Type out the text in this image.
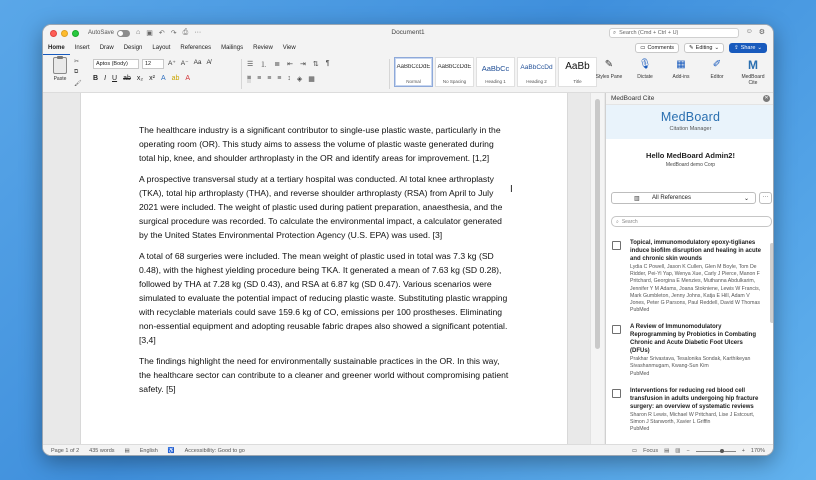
AutoSave	⌂ ▣ ↶ ↷ ⎙ ···	Document1	⌕ Search (Cmd + Ctrl + U)	☺ ⚙
Home	Insert	Draw	Design	Layout	References	Mailings	Review	View	▭ Comments	✎ Editing ⌄	⇪ Share ⌄
Paste
✂
⧉
🖌
Aptos (Body)	12	A⁺ A⁻ Aa A̸
B I U ab x₂ x² A ab A
☰ ⒈ ≣ ⇤ ⇥ ⇅ ¶
≡ ≡ ≡ ≡ ↕ ◈ ▦
AaBbCcDdE
Normal
AaBbCcDdE
No Spacing
AaBbCc
Heading 1
AaBbCcDd
Heading 2
AaBb
Title
✎
Styles Pane
🎙
Dictate
▦
Add-ins
✐
Editor
M
MedBoard Cite

The healthcare industry is a significant contributor to single-use plastic waste, particularly in the operating room (OR). This study aims to assess the volume of plastic waste generated during total hip, knee, and shoulder arthroplasty in the OR and identify areas for improvement. [1,2]

A prospective transversal study at a tertiary hospital was conducted. Al total knee arthroplasty (TKA), total hip arthroplasty (THA), and reverse shoulder arthroplasty (RSA) from April to July 2021 were included. The weight of plastic used during patient preparation, anaesthesia, and the surgical procedure was recorded. To calculate the environmental impact, a calculator generated by the United States Environmental Protection Agency (U.S. EPA) was used. [3]

A total of 68 surgeries were included. The mean weight of plastic used in total was 7.3 kg (SD 0.48), with the highest yielding procedure being TKA. It generated a mean of 7.63 kg (SD 0.28), followed by THA at 7.28 kg (SD 0.43), and RSA at 6.87 kg (SD 0.47). Various scenarios were simulated to evaluate the potential impact of reducing plastic waste. Substituting plastic wrapping with recyclable materials could save 159.6 kg of CO, emissions per 100 prostheses. Eliminating non-essential equipment and adopting reusable fabric drapes also showed a significant potential. [3,4]

The findings highlight the need for environmentally sustainable practices in the OR. In this way, the healthcare sector can contribute to a cleaner and greener world without compromising patient safety. [5]

I
MedBoard Cite	✕
MedBoard
Citation Manager
Hello MedBoard Admin2!
MedBoard demo Corp
▥ All References	⌄	···
⌕ Search
Topical, immunomodulatory epoxy-tiglianes induce biofilm disruption and healing in acute and chronic skin wounds
Lydia C Powell, Jason K Cullen, Glen M Boyle, Tom De Ridder, Pei-Yi Yap, Wenya Xue, Carly J Pierce, Manon F Pritchard, Georgina E Menzies, Muthanna Abdulkarim, Jennifer Y M Adams, Joana Stokniene, Lewis W Francis, Mark Gumbleton, Jenny Johns, Katja E Hill, Adam V Jones, Peter G Parsons, Paul Reddell, David W Thomas
PubMed
A Review of Immunomodulatory Reprogramming by Probiotics in Combating Chronic and Acute Diabetic Foot Ulcers (DFUs)
Prakhar Srivastava, Tesalonika Sondak, Karthikeyan Sivashanmugam, Kwang-Sun Kim
PubMed
Interventions for reducing red blood cell transfusion in adults undergoing hip fracture surgery: an overview of systematic reviews
Sharon R Lewis, Michael W Pritchard, Lise J Estcourt, Simon J Stanworth, Xavier L Griffin
PubMed
Page 1 of 2 435 words ▤ English ♿ Accessibility: Good to go	▭ Focus ▤ ▥ −	+ 170%
